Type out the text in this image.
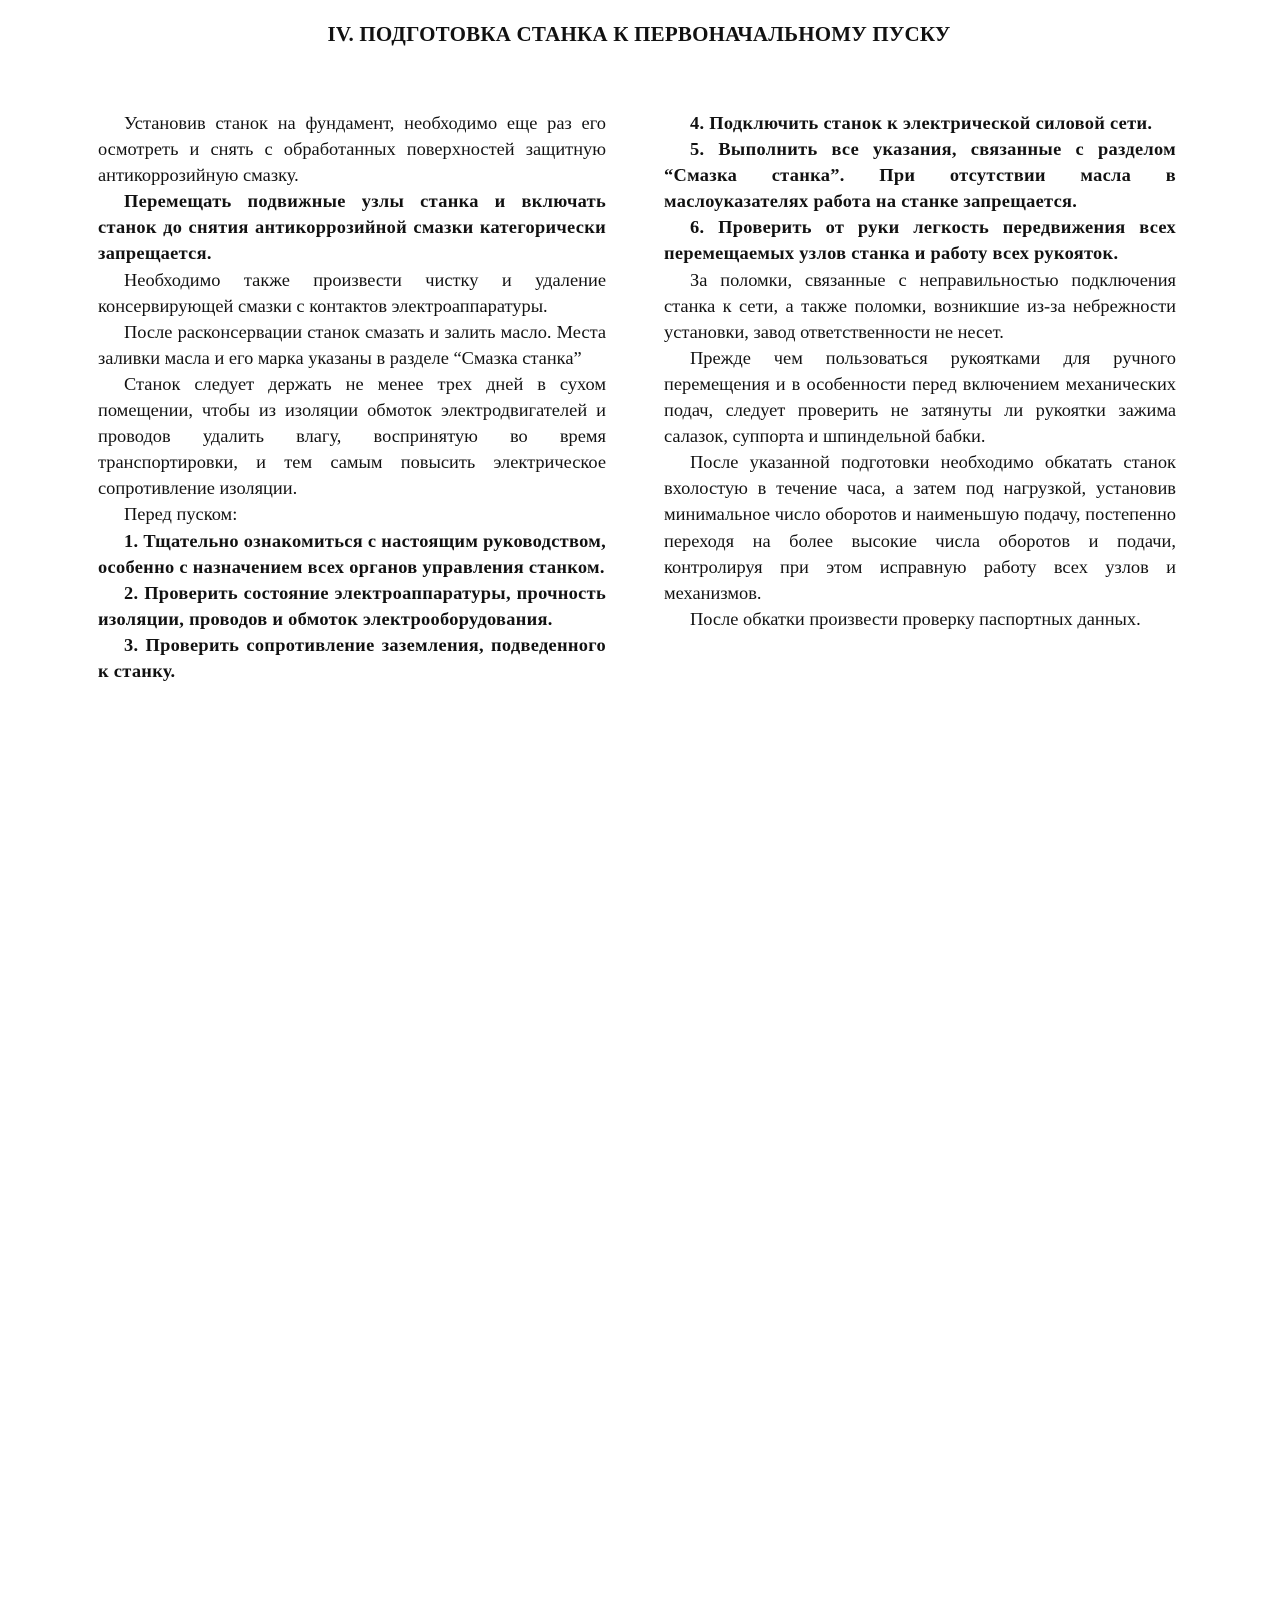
IV. ПОДГОТОВКА СТАНКА К ПЕРВОНАЧАЛЬНОМУ ПУСКУ

Установив станок на фундамент, необходимо еще раз его осмотреть и снять с обработанных поверхностей защитную антикоррозийную смазку.

Перемещать подвижные узлы станка и включать станок до снятия антикоррозийной смазки категорически запрещается.

Необходимо также произвести чистку и удаление консервирующей смазки с контактов электроаппаратуры.

После расконсервации станок смазать и залить масло. Места заливки масла и его марка указаны в разделе “Смазка станка”

Станок следует держать не менее трех дней в сухом помещении, чтобы из изоляции обмоток электродвигателей и проводов удалить влагу, воспринятую во время транспортировки, и тем самым повысить электрическое сопротивление изоляции.

Перед пуском:

1. Тщательно ознакомиться с настоящим руководством, особенно с назначением всех органов управления станком.

2. Проверить состояние электроаппаратуры, прочность изоляции, проводов и обмоток электрооборудования.

3. Проверить сопротивление заземления, подведенного к станку.

4. Подключить станок к электрической силовой сети.

5. Выполнить все указания, связанные с разделом “Смазка станка”. При отсутствии масла в маслоуказателях работа на станке запрещается.

6. Проверить от руки легкость передвижения всех перемещаемых узлов станка и работу всех рукояток.

За поломки, связанные с неправильностью подключения станка к сети, а также поломки, возникшие из-за небрежности установки, завод ответственности не несет.

Прежде чем пользоваться рукоятками для ручного перемещения и в особенности перед включением механических подач, следует проверить не затянуты ли рукоятки зажима салазок, суппорта и шпиндельной бабки.

После указанной подготовки необходимо обкатать станок вхолостую в течение часа, а затем под нагрузкой, установив минимальное число оборотов и наименьшую подачу, постепенно переходя на более высокие числа оборотов и подачи, контролируя при этом исправную работу всех узлов и механизмов.

После обкатки произвести проверку паспортных данных.
